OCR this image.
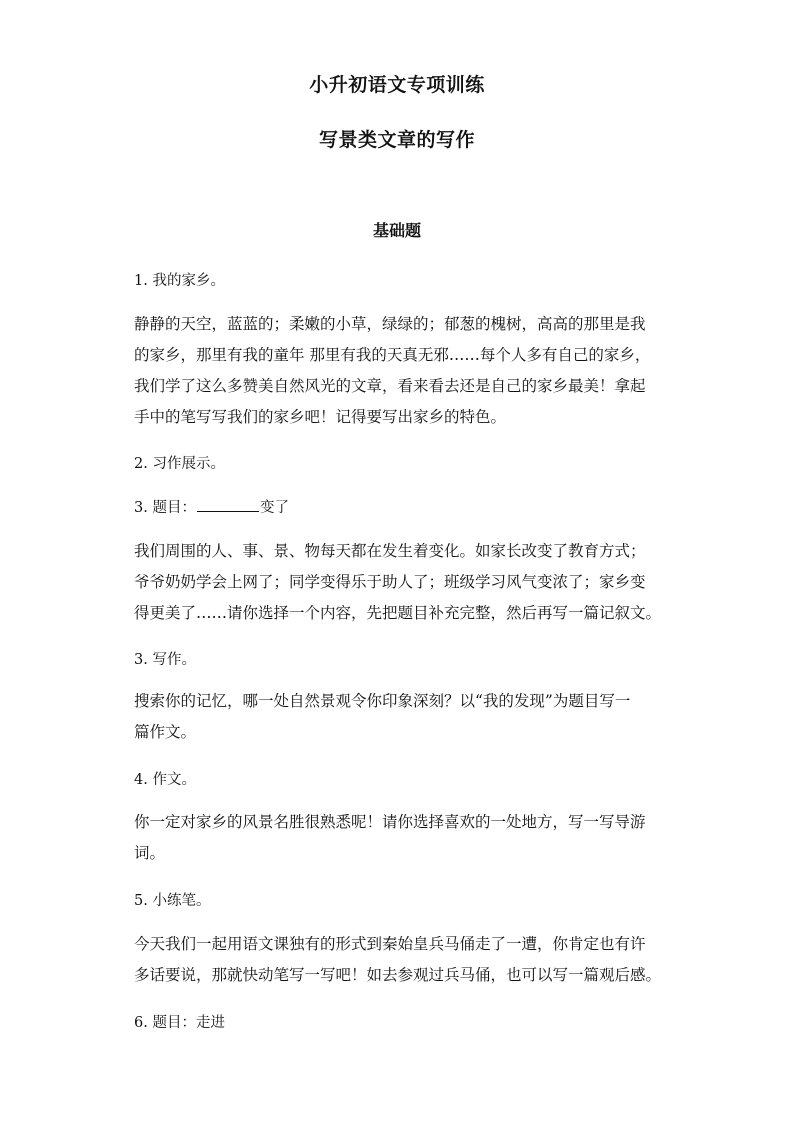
小升初语文专项训练
写景类文章的写作
基础题
1. 我的家乡。
静静的天空，蓝蓝的；柔嫩的小草，绿绿的；郁葱的槐树，高高的那里是我
的家乡，那里有我的童年 那里有我的天真无邪……每个人多有自己的家乡，
我们学了这么多赞美自然风光的文章，看来看去还是自己的家乡最美！拿起
手中的笔写写我们的家乡吧！记得要写出家乡的特色。
2. 习作展示。
3. 题目：	变了
我们周围的人、事、景、物每天都在发生着变化。如家长改变了教育方式；
爷爷奶奶学会上网了；同学变得乐于助人了；班级学习风气变浓了；家乡变
得更美了……请你选择一个内容，先把题目补充完整，然后再写一篇记叙文。
3. 写作。
搜索你的记忆，哪一处自然景观令你印象深刻？以“我的发现”为题目写一
篇作文。
4. 作文。
你一定对家乡的风景名胜很熟悉呢！请你选择喜欢的一处地方，写一写导游
词。
5. 小练笔。
今天我们一起用语文课独有的形式到秦始皇兵马俑走了一遭，你肯定也有许
多话要说，那就快动笔写一写吧！如去参观过兵马俑，也可以写一篇观后感。
6. 题目：走进
